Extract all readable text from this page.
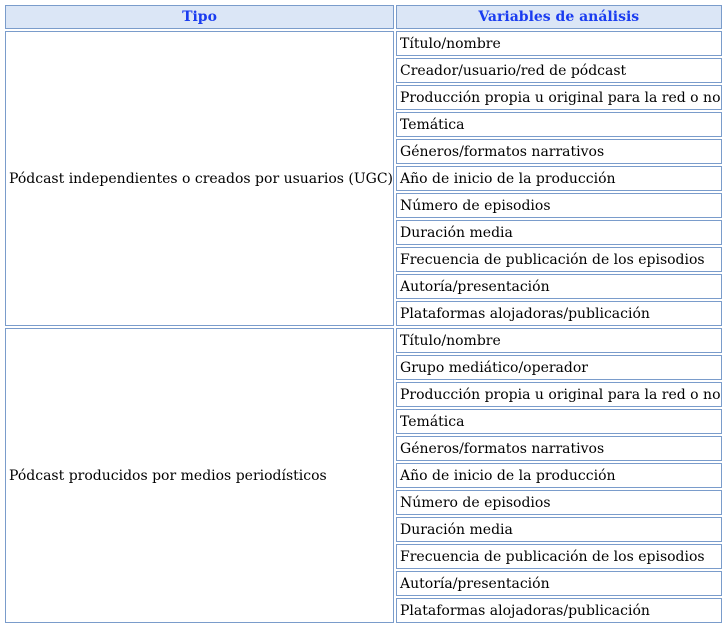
Tipo	Variables de análisis
Pódcast independientes o creados por usuarios (UGC)	Título/nombre
	Creador/usuario/red de pódcast
	Producción propia u original para la red o no
	Temática
	Géneros/formatos narrativos
	Año de inicio de la producción
	Número de episodios
	Duración media
	Frecuencia de publicación de los episodios
	Autoría/presentación
	Plataformas alojadoras/publicación
Pódcast producidos por medios periodísticos	Título/nombre
	Grupo mediático/operador
	Producción propia u original para la red o no
	Temática
	Géneros/formatos narrativos
	Año de inicio de la producción
	Número de episodios
	Duración media
	Frecuencia de publicación de los episodios
	Autoría/presentación
	Plataformas alojadoras/publicación
